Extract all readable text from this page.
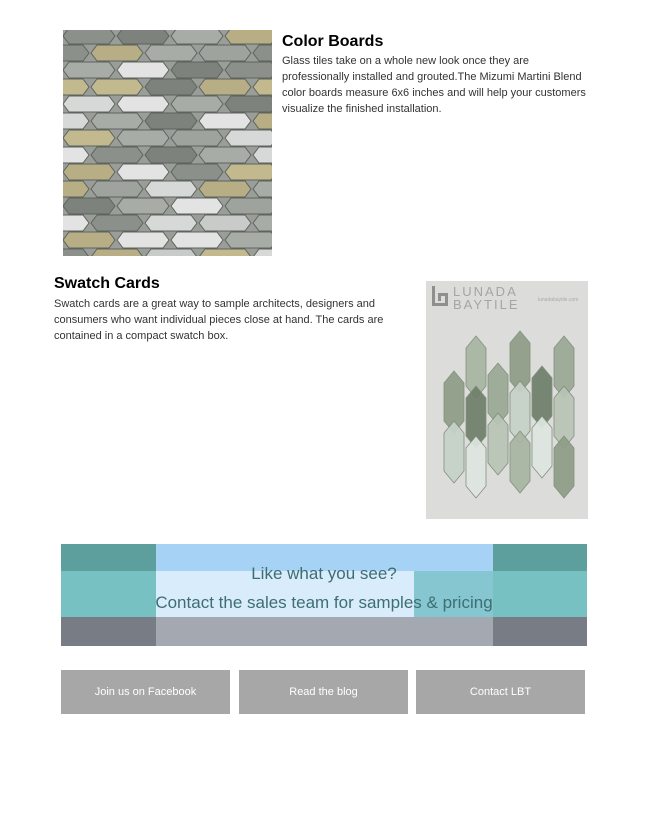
Color Boards
Glass tiles take on a whole new look once they are professionally installed and grouted.The Mizumi Martini Blend color boards measure 6x6 inches and will help your customers visualize the finished installation.
Swatch Cards
Swatch cards are a great way to sample architects, designers and consumers who want individual pieces close at hand. The cards are contained in a compact swatch box.
LUNADA
BAYTILE	lunadabaytile.com
Like what you see?
Contact the sales team for samples & pricing
Join us on Facebook	Read the blog	Contact LBT
